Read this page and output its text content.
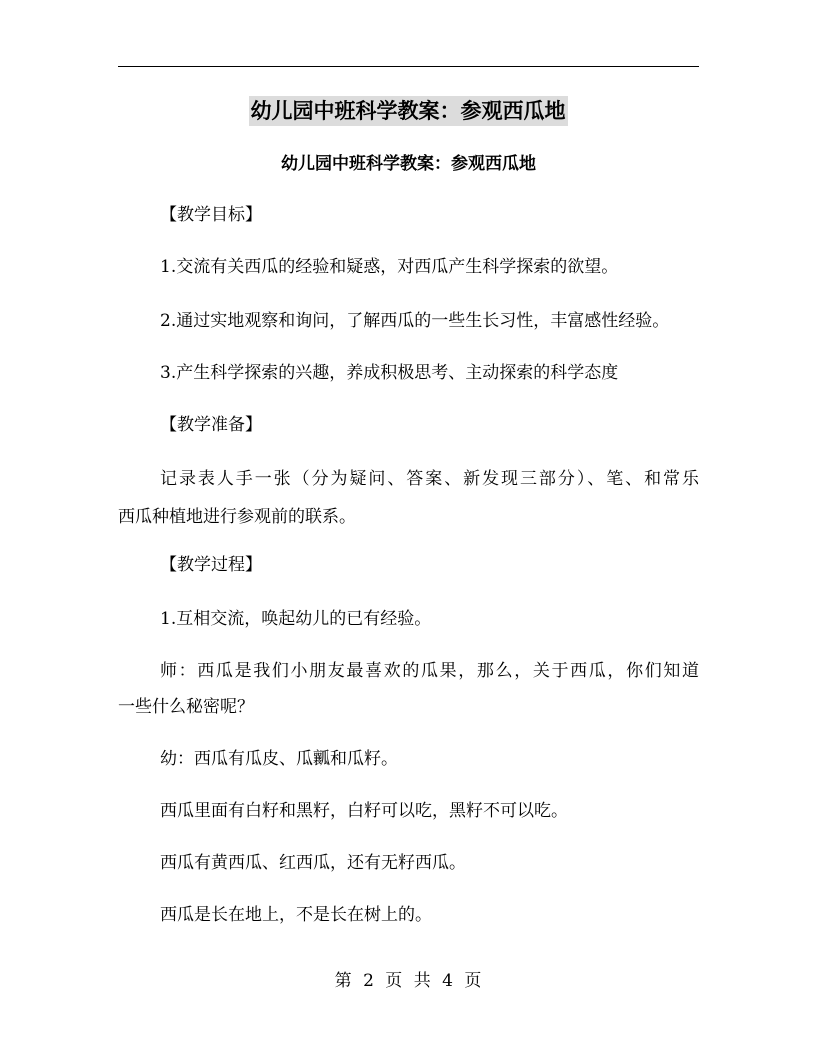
幼儿园中班科学教案：参观西瓜地
幼儿园中班科学教案：参观西瓜地
【教学目标】
1.交流有关西瓜的经验和疑惑，对西瓜产生科学探索的欲望。
2.通过实地观察和询问，了解西瓜的一些生长习性，丰富感性经验。
3.产生科学探索的兴趣，养成积极思考、主动探索的科学态度
【教学准备】
记录表人手一张（分为疑问、答案、新发现三部分）、笔、和常乐
西瓜种植地进行参观前的联系。
【教学过程】
1.互相交流，唤起幼儿的已有经验。
师：西瓜是我们小朋友最喜欢的瓜果，那么，关于西瓜，你们知道
一些什么秘密呢？
幼：西瓜有瓜皮、瓜瓤和瓜籽。
西瓜里面有白籽和黑籽，白籽可以吃，黑籽不可以吃。
西瓜有黄西瓜、红西瓜，还有无籽西瓜。
西瓜是长在地上，不是长在树上的。
第 2 页 共 4 页
